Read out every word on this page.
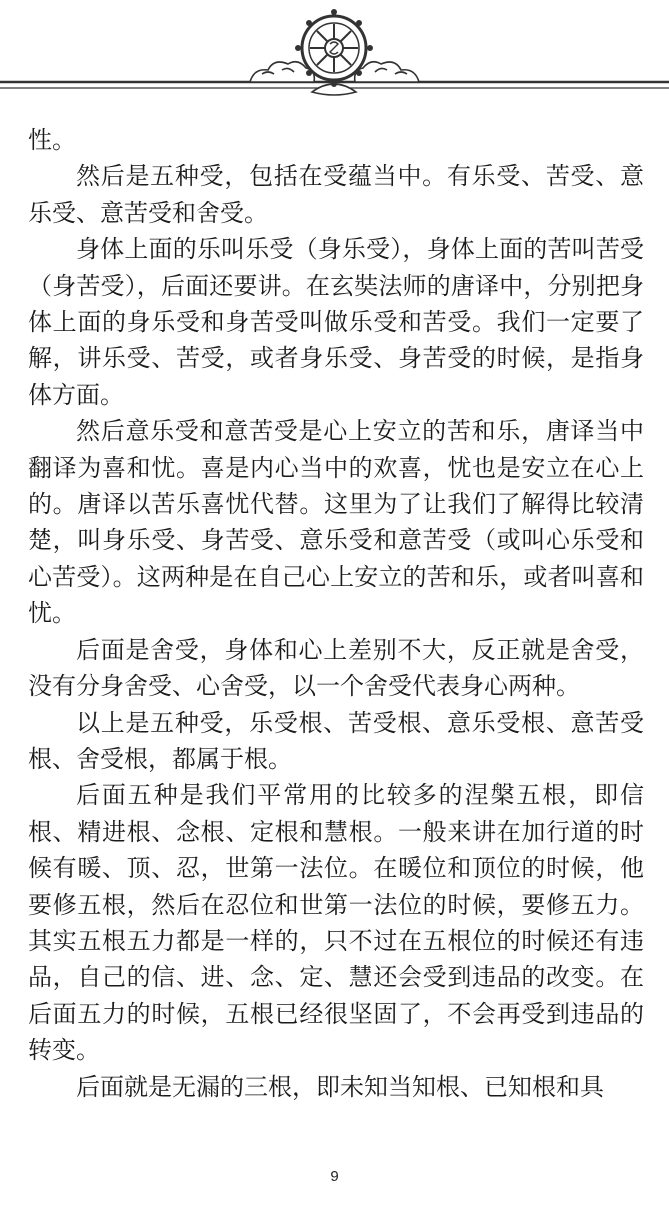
性。

然后是五种受，包括在受蕴当中。有乐受、苦受、意乐受、意苦受和舍受。

身体上面的乐叫乐受（身乐受），身体上面的苦叫苦受（身苦受），后面还要讲。在玄奘法师的唐译中，分别把身体上面的身乐受和身苦受叫做乐受和苦受。我们一定要了解，讲乐受、苦受，或者身乐受、身苦受的时候，是指身体方面。

然后意乐受和意苦受是心上安立的苦和乐，唐译当中翻译为喜和忧。喜是内心当中的欢喜，忧也是安立在心上的。唐译以苦乐喜忧代替。这里为了让我们了解得比较清楚，叫身乐受、身苦受、意乐受和意苦受（或叫心乐受和心苦受）。这两种是在自己心上安立的苦和乐，或者叫喜和忧。

后面是舍受，身体和心上差别不大，反正就是舍受，没有分身舍受、心舍受，以一个舍受代表身心两种。

以上是五种受，乐受根、苦受根、意乐受根、意苦受根、舍受根，都属于根。

后面五种是我们平常用的比较多的涅槃五根，即信根、精进根、念根、定根和慧根。一般来讲在加行道的时候有暖、顶、忍，世第一法位。在暖位和顶位的时候，他要修五根，然后在忍位和世第一法位的时候，要修五力。其实五根五力都是一样的，只不过在五根位的时候还有违品，自己的信、进、念、定、慧还会受到违品的改变。在后面五力的时候，五根已经很坚固了，不会再受到违品的转变。

后面就是无漏的三根，即未知当知根、已知根和具

9
